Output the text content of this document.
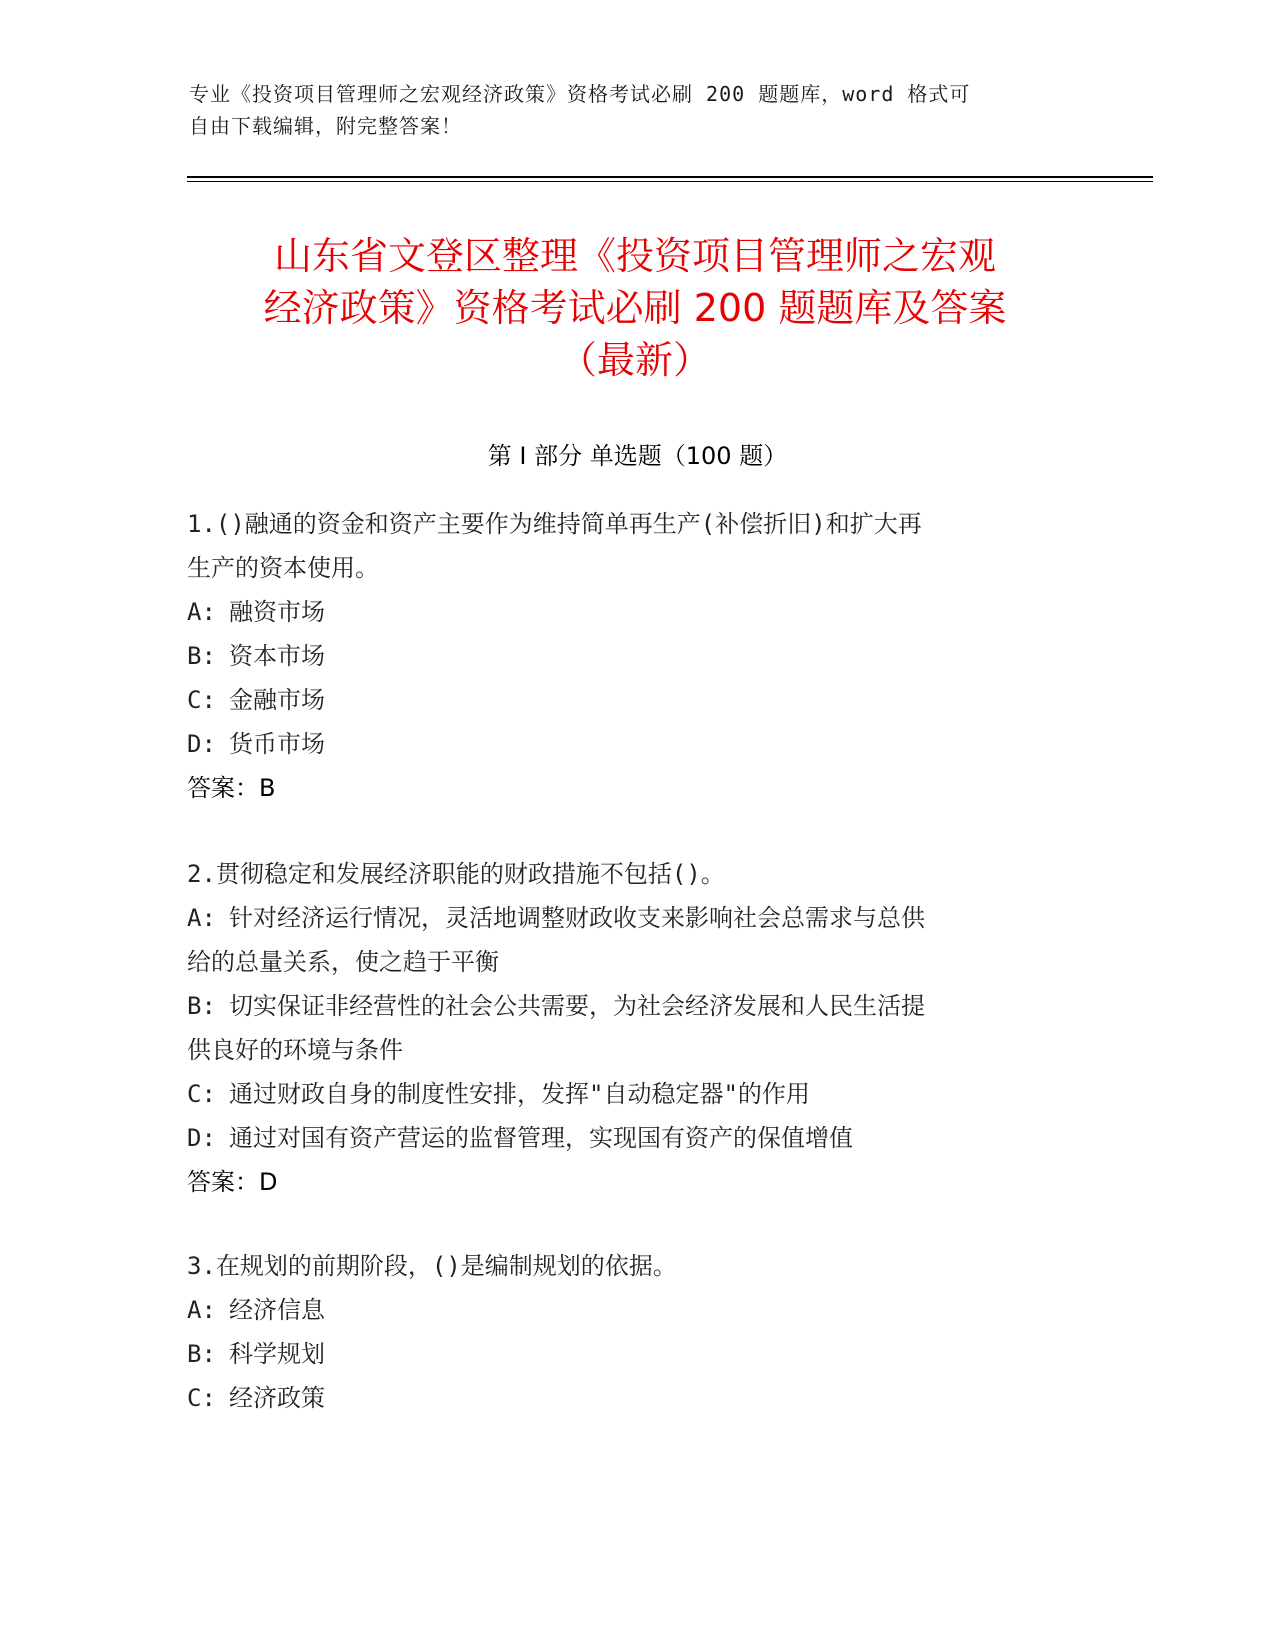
专业《投资项目管理师之宏观经济政策》资格考试必刷 200 题题库，word 格式可
自由下载编辑，附完整答案！
山东省文登区整理《投资项目管理师之宏观
经济政策》资格考试必刷 200 题题库及答案
（最新）
第 I 部分 单选题（100 题）
1.()融通的资金和资产主要作为维持简单再生产(补偿折旧)和扩大再
生产的资本使用。
A: 融资市场
B: 资本市场
C: 金融市场
D: 货币市场
答案：B
2.贯彻稳定和发展经济职能的财政措施不包括()。
A: 针对经济运行情况，灵活地调整财政收支来影响社会总需求与总供
给的总量关系，使之趋于平衡
B: 切实保证非经营性的社会公共需要，为社会经济发展和人民生活提
供良好的环境与条件
C: 通过财政自身的制度性安排，发挥"自动稳定器"的作用
D: 通过对国有资产营运的监督管理，实现国有资产的保值增值
答案：D
3.在规划的前期阶段，()是编制规划的依据。
A: 经济信息
B: 科学规划
C: 经济政策
